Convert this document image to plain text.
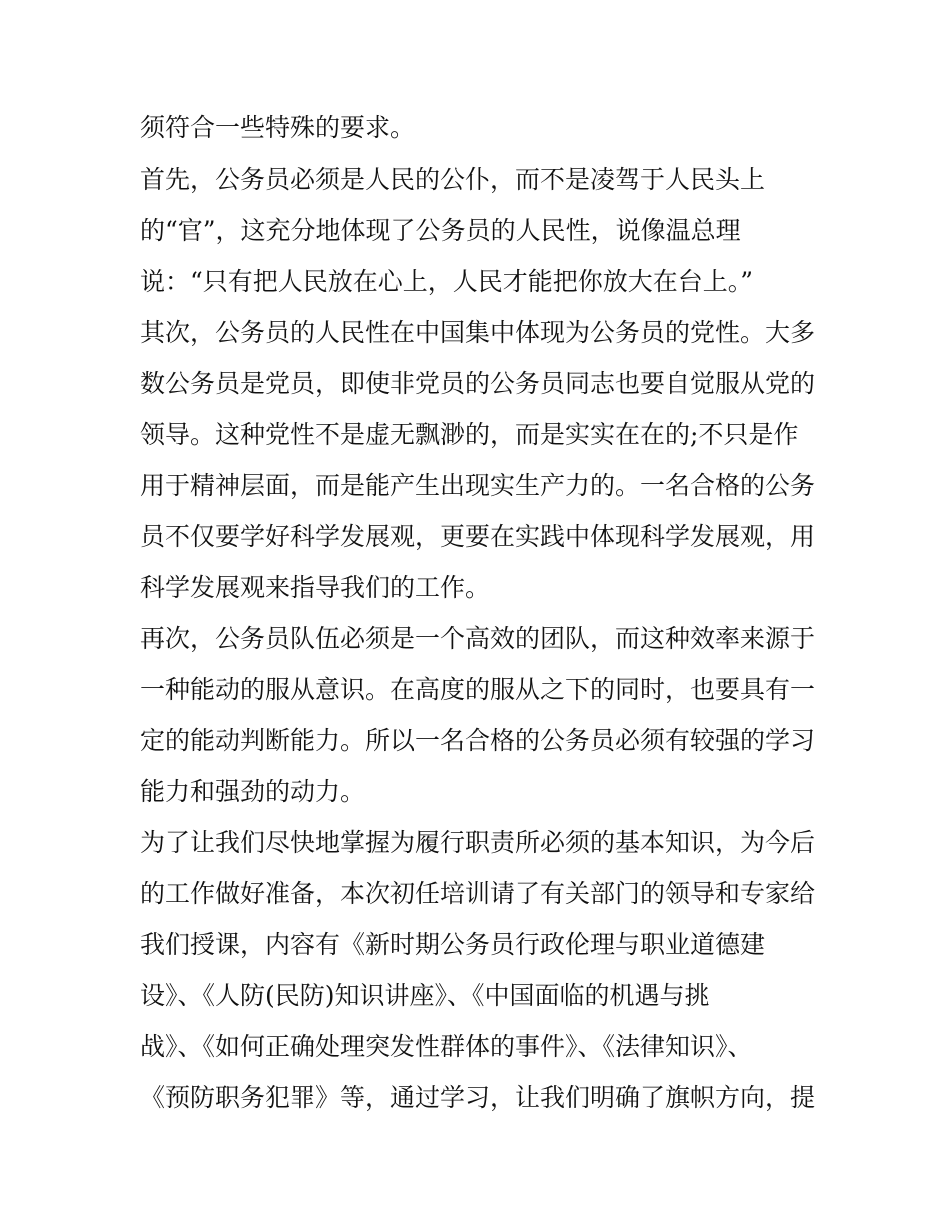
须符合一些特殊的要求。
首先，公务员必须是人民的公仆，而不是凌驾于人民头上
的“官”，这充分地体现了公务员的人民性，说像温总理
说：“只有把人民放在心上，人民才能把你放大在台上。”
其次，公务员的人民性在中国集中体现为公务员的党性。大多
数公务员是党员，即使非党员的公务员同志也要自觉服从党的
领导。这种党性不是虚无飘渺的，而是实实在在的;不只是作
用于精神层面，而是能产生出现实生产力的。一名合格的公务
员不仅要学好科学发展观，更要在实践中体现科学发展观，用
科学发展观来指导我们的工作。
再次，公务员队伍必须是一个高效的团队，而这种效率来源于
一种能动的服从意识。在高度的服从之下的同时，也要具有一
定的能动判断能力。所以一名合格的公务员必须有较强的学习
能力和强劲的动力。
为了让我们尽快地掌握为履行职责所必须的基本知识，为今后
的工作做好准备，本次初任培训请了有关部门的领导和专家给
我们授课，内容有《新时期公务员行政伦理与职业道德建
设》、《人防(民防)知识讲座》、《中国面临的机遇与挑
战》、《如何正确处理突发性群体的事件》、《法律知识》、
《预防职务犯罪》等，通过学习，让我们明确了旗帜方向，提
